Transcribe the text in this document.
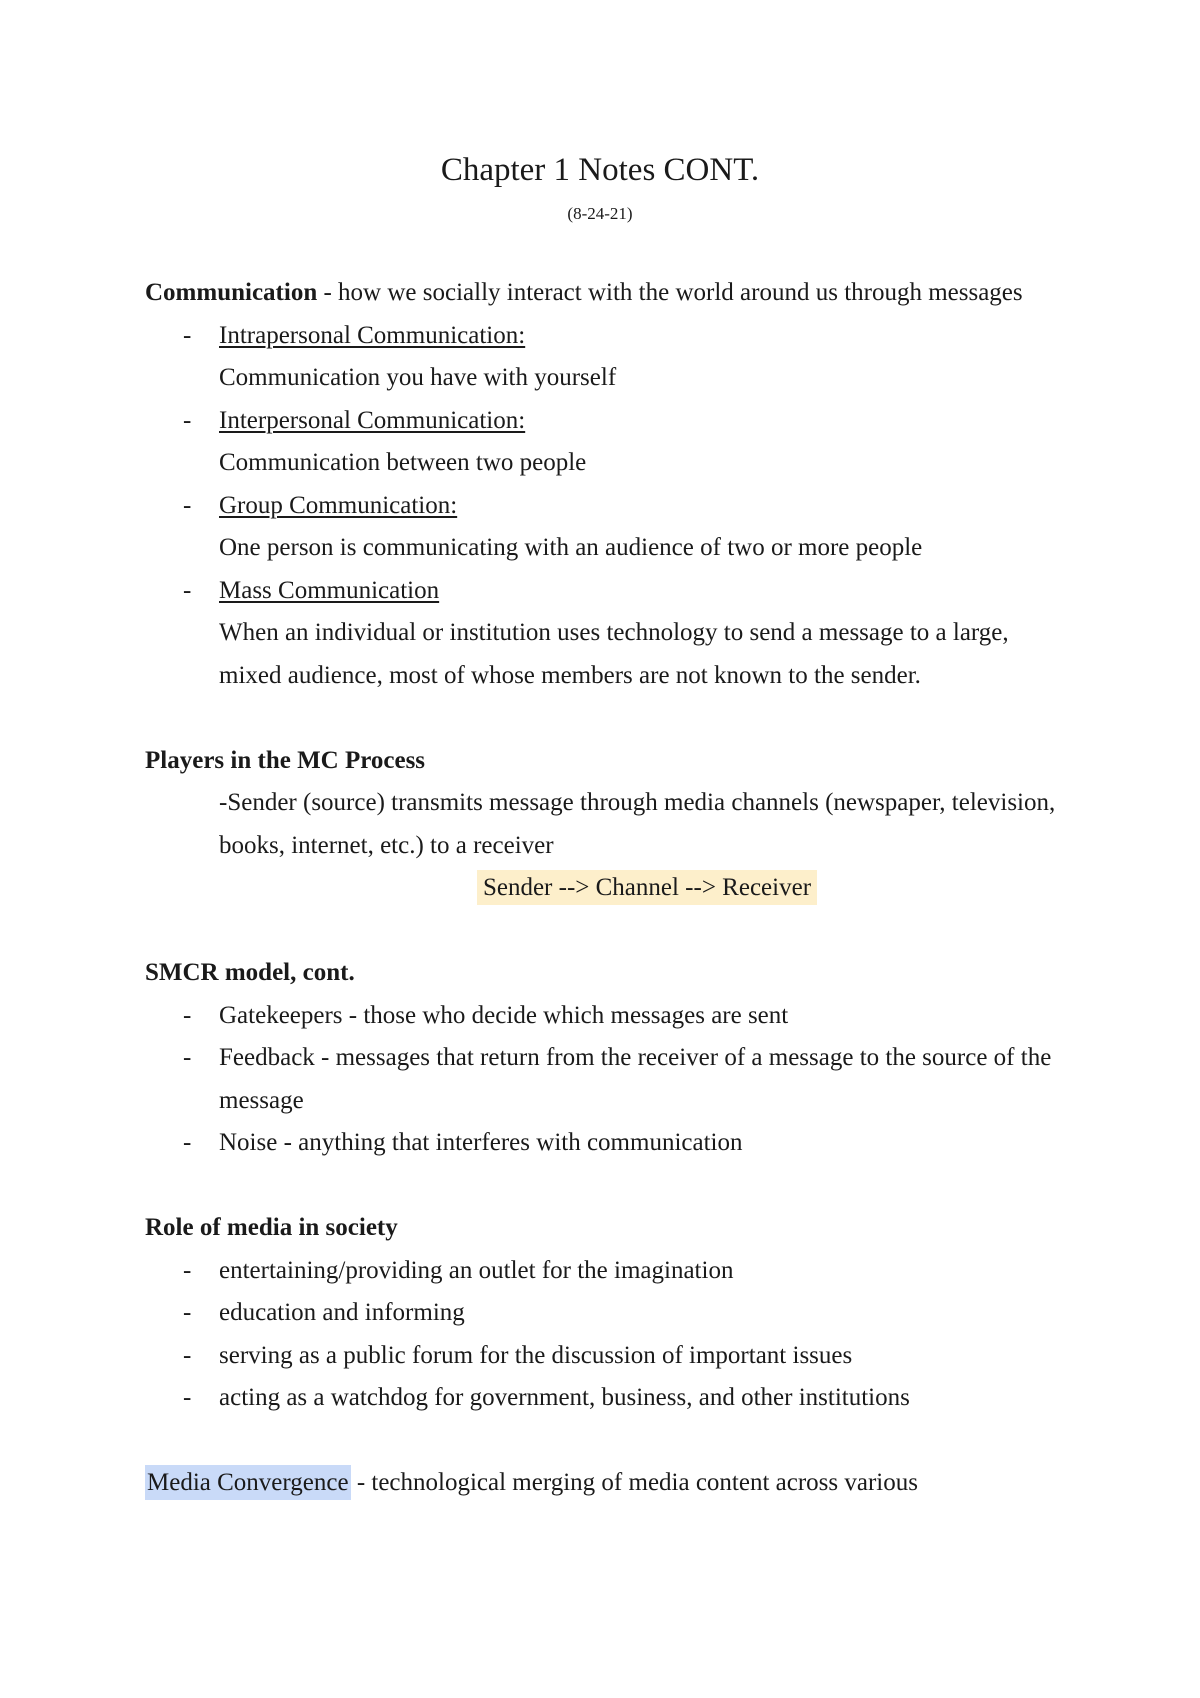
Chapter 1 Notes CONT.
(8-24-21)

Communication - how we socially interact with the world around us through messages

- Intrapersonal Communication:
Communication you have with yourself
- Interpersonal Communication:
Communication between two people
- Group Communication:
One person is communicating with an audience of two or more people
- Mass Communication
When an individual or institution uses technology to send a message to a large, mixed audience, most of whose members are not known to the sender.

Players in the MC Process

-Sender (source) transmits message through media channels (newspaper, television, books, internet, etc.) to a receiver

Sender --> Channel --> Receiver

SMCR model, cont.

- Gatekeepers - those who decide which messages are sent
- Feedback - messages that return from the receiver of a message to the source of the message
- Noise - anything that interferes with communication

Role of media in society

- entertaining/providing an outlet for the imagination
- education and informing
- serving as a public forum for the discussion of important issues
- acting as a watchdog for government, business, and other institutions

Media Convergence - technological merging of media content across various
